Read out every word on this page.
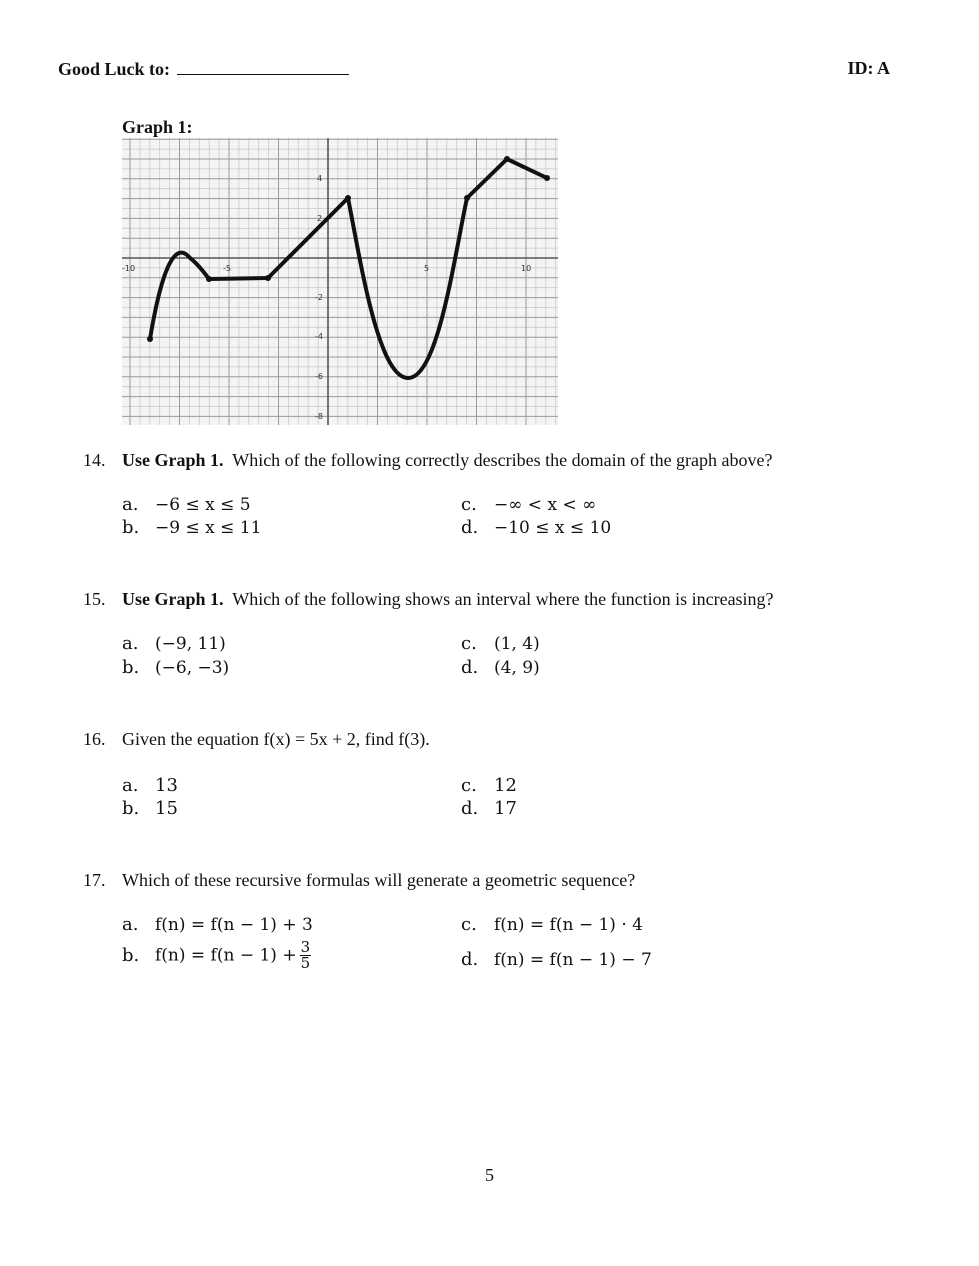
Good Luck to:	ID: A
Graph 1:
-10	-5	5	10
4
2
-2
-4
-6
-8
14. Use Graph 1. Which of the following correctly describes the domain of the graph above?
a. −6 ≤ x ≤ 5
b. −9 ≤ x ≤ 11
c. −∞ < x < ∞
d. −10 ≤ x ≤ 10
15. Use Graph 1. Which of the following shows an interval where the function is increasing?
a. (−9, 11)
b. (−6, −3)
c. (1, 4)
d. (4, 9)
16. Given the equation f(x) = 5x + 2, find f(3).
a. 13
b. 15
c. 12
d. 17
17. Which of these recursive formulas will generate a geometric sequence?
a. f(n) = f(n − 1) + 3
b. $f(n) = f(n - 1) + \frac{3}{5}$
c. f(n) = f(n − 1) · 4
d. f(n) = f(n − 1) − 7
5
